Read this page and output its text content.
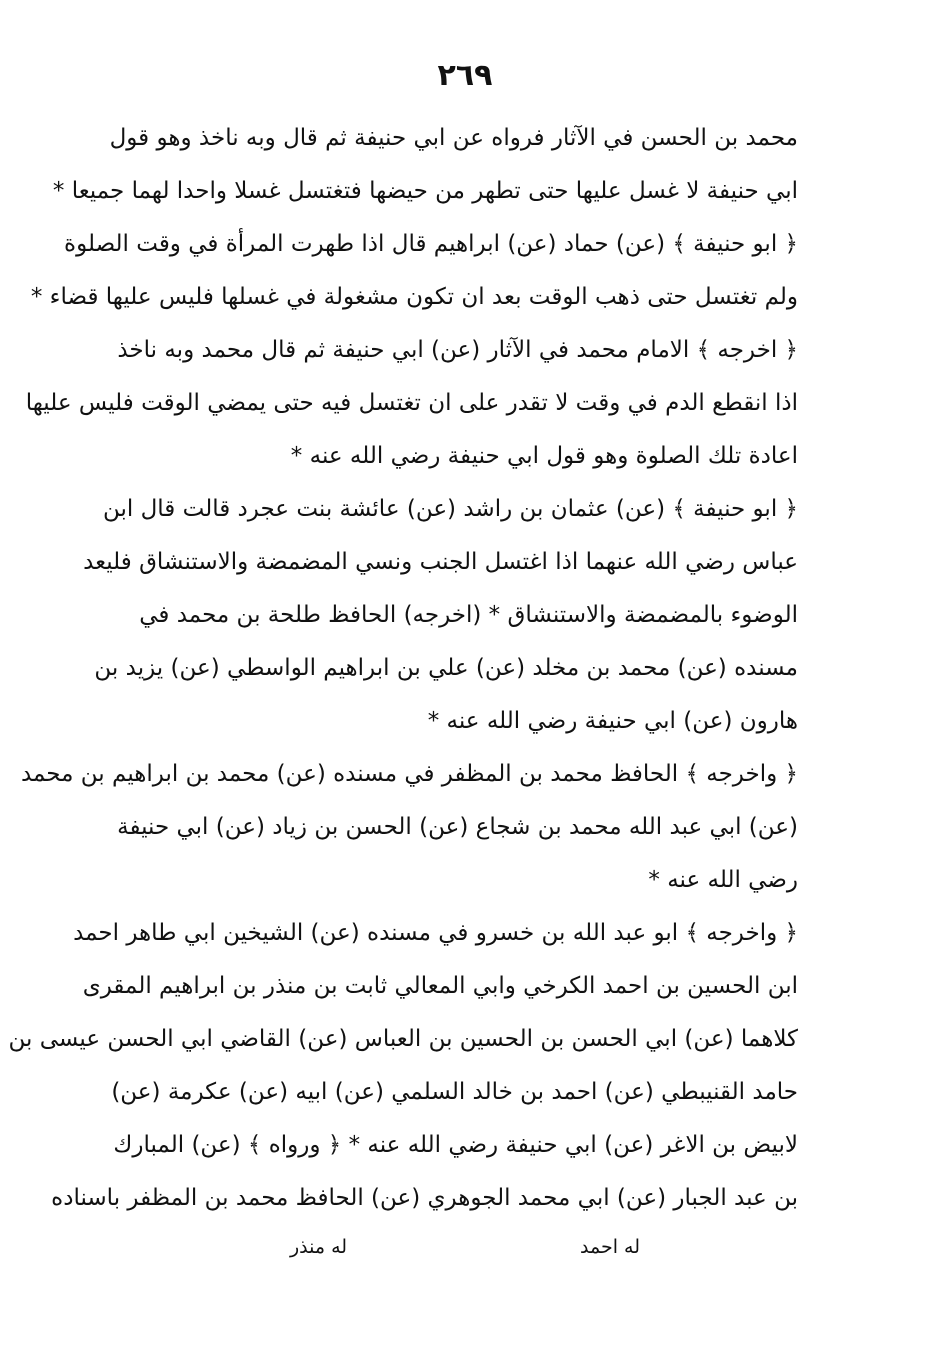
٢٦٩
محمد بن الحسن في الآثار فرواه عن ابي حنيفة ثم قال وبه ناخذ وهو قول
ابي حنيفة لا غسل عليها حتى تطهر من حيضها فتغتسل غسلا واحدا لهما جميعا *
﴿ ابو حنيفة ﴾ (عن) حماد (عن) ابراهيم قال اذا طهرت المرأة في وقت الصلوة
ولم تغتسل حتى ذهب الوقت بعد ان تكون مشغولة في غسلها فليس عليها قضاء *
﴿ اخرجه ﴾ الامام محمد في الآثار (عن) ابي حنيفة ثم قال محمد وبه ناخذ
اذا انقطع الدم في وقت لا تقدر على ان تغتسل فيه حتى يمضي الوقت فليس عليها
اعادة تلك الصلوة وهو قول ابي حنيفة رضي الله عنه *
﴿ ابو حنيفة ﴾ (عن) عثمان بن راشد (عن) عائشة بنت عجرد قالت قال ابن
عباس رضي الله عنهما اذا اغتسل الجنب ونسي المضمضة والاستنشاق فليعد
الوضوء بالمضمضة والاستنشاق * (اخرجه) الحافظ طلحة بن محمد في
مسنده (عن) محمد بن مخلد (عن) علي بن ابراهيم الواسطي (عن) يزيد بن
هارون (عن) ابي حنيفة رضي الله عنه *
﴿ واخرجه ﴾ الحافظ محمد بن المظفر في مسنده (عن) محمد بن ابراهيم بن محمد
(عن) ابي عبد الله محمد بن شجاع (عن) الحسن بن زياد (عن) ابي حنيفة
رضي الله عنه *
﴿ واخرجه ﴾ ابو عبد الله بن خسرو في مسنده (عن) الشيخين ابي طاهر احمد
ابن الحسين بن احمد الكرخي وابي المعالي ثابت بن منذر بن ابراهيم المقرى
كلاهما (عن) ابي الحسن بن الحسين بن العباس (عن) القاضي ابي الحسن عيسى بن
حامد القنيبطي (عن) احمد بن خالد السلمي (عن) ابيه (عن) عكرمة (عن)
لابيض بن الاغر (عن) ابي حنيفة رضي الله عنه * ﴿ ورواه ﴾ (عن) المبارك
بن عبد الجبار (عن) ابي محمد الجوهري (عن) الحافظ محمد بن المظفر باسناده
له احمد
له منذر
